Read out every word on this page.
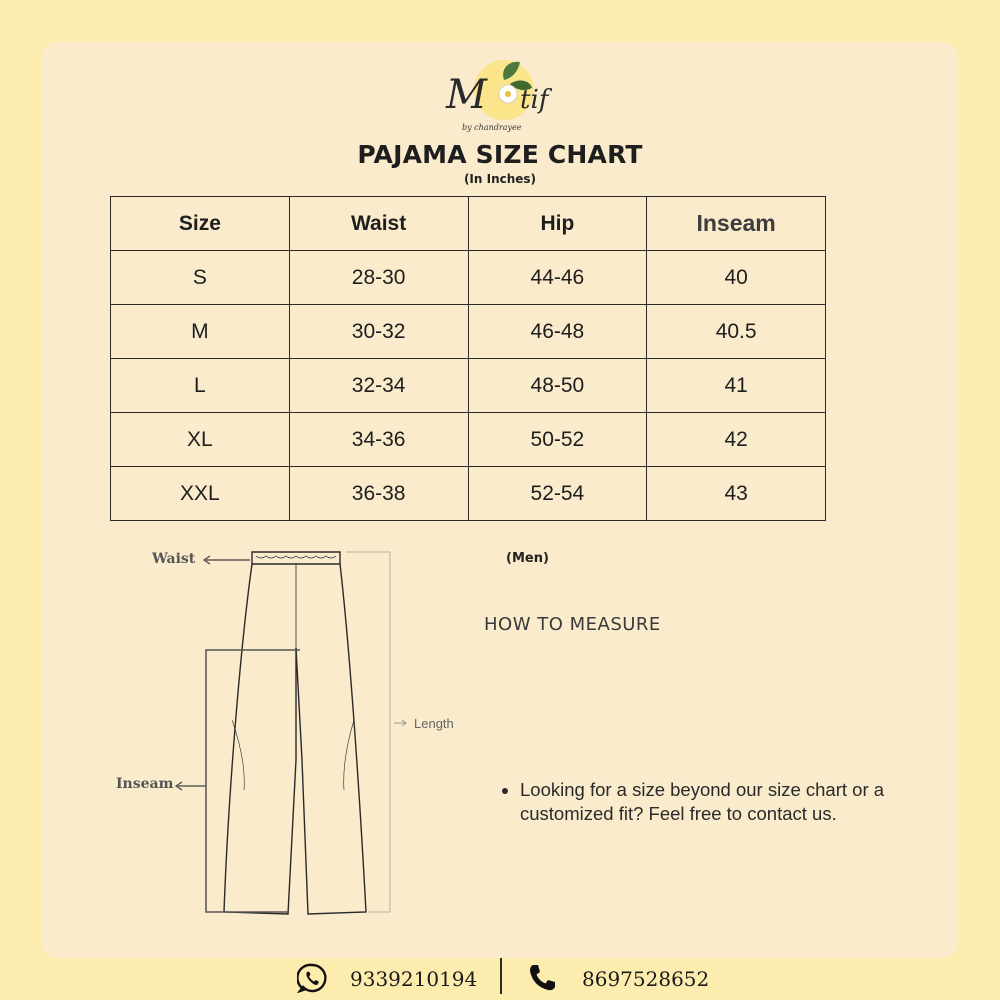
M tif
by chandrayee
PAJAMA SIZE CHART
(In Inches)
Size	Waist	Hip	Inseam
S	28-30	44-46	40
M	30-32	46-48	40.5
L	32-34	48-50	41
XL	34-36	50-52	42
XXL	36-38	52-54	43
Waist
Inseam
Length
(Men)
HOW TO MEASURE
• Looking for a size beyond our size chart or a customized fit? Feel free to contact us.
9339210194	8697528652
